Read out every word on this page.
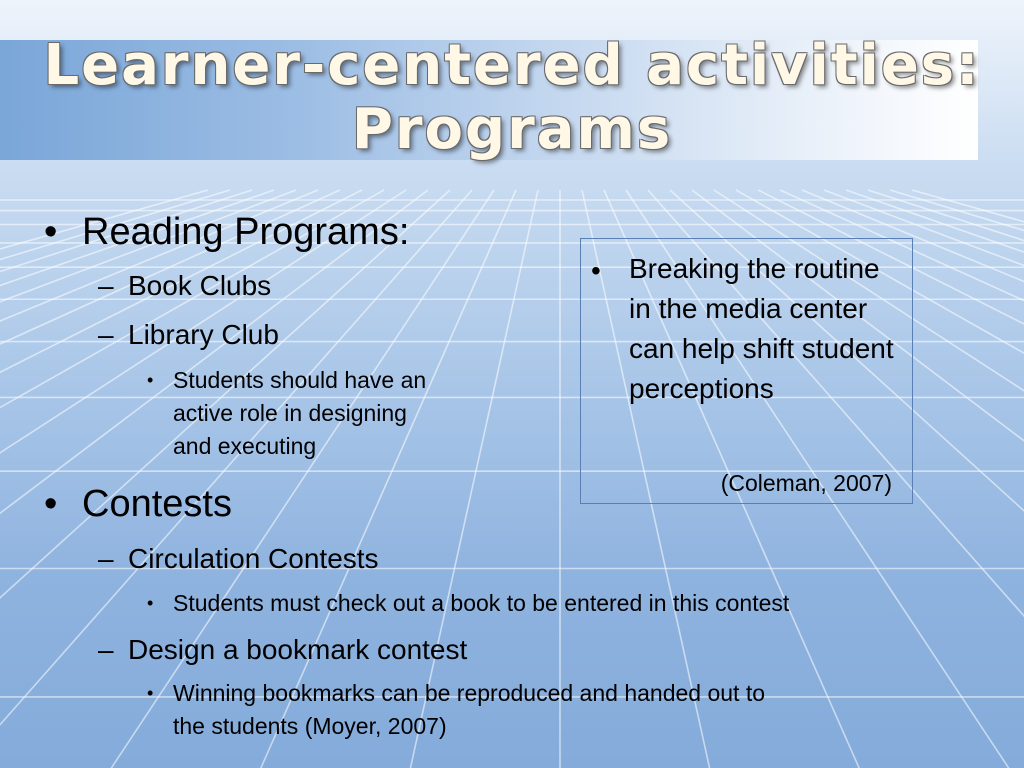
Learner-centered activities:
Programs
• Reading Programs:
– Book Clubs
– Library Club
• Students should have an
active role in designing
and executing
• Contests
– Circulation Contests
• Students must check out a book to be entered in this contest
– Design a bookmark contest
• Winning bookmarks can be reproduced and handed out to
the students (Moyer, 2007)
• Breaking the routine in the media center can help shift student perceptions
(Coleman, 2007)
